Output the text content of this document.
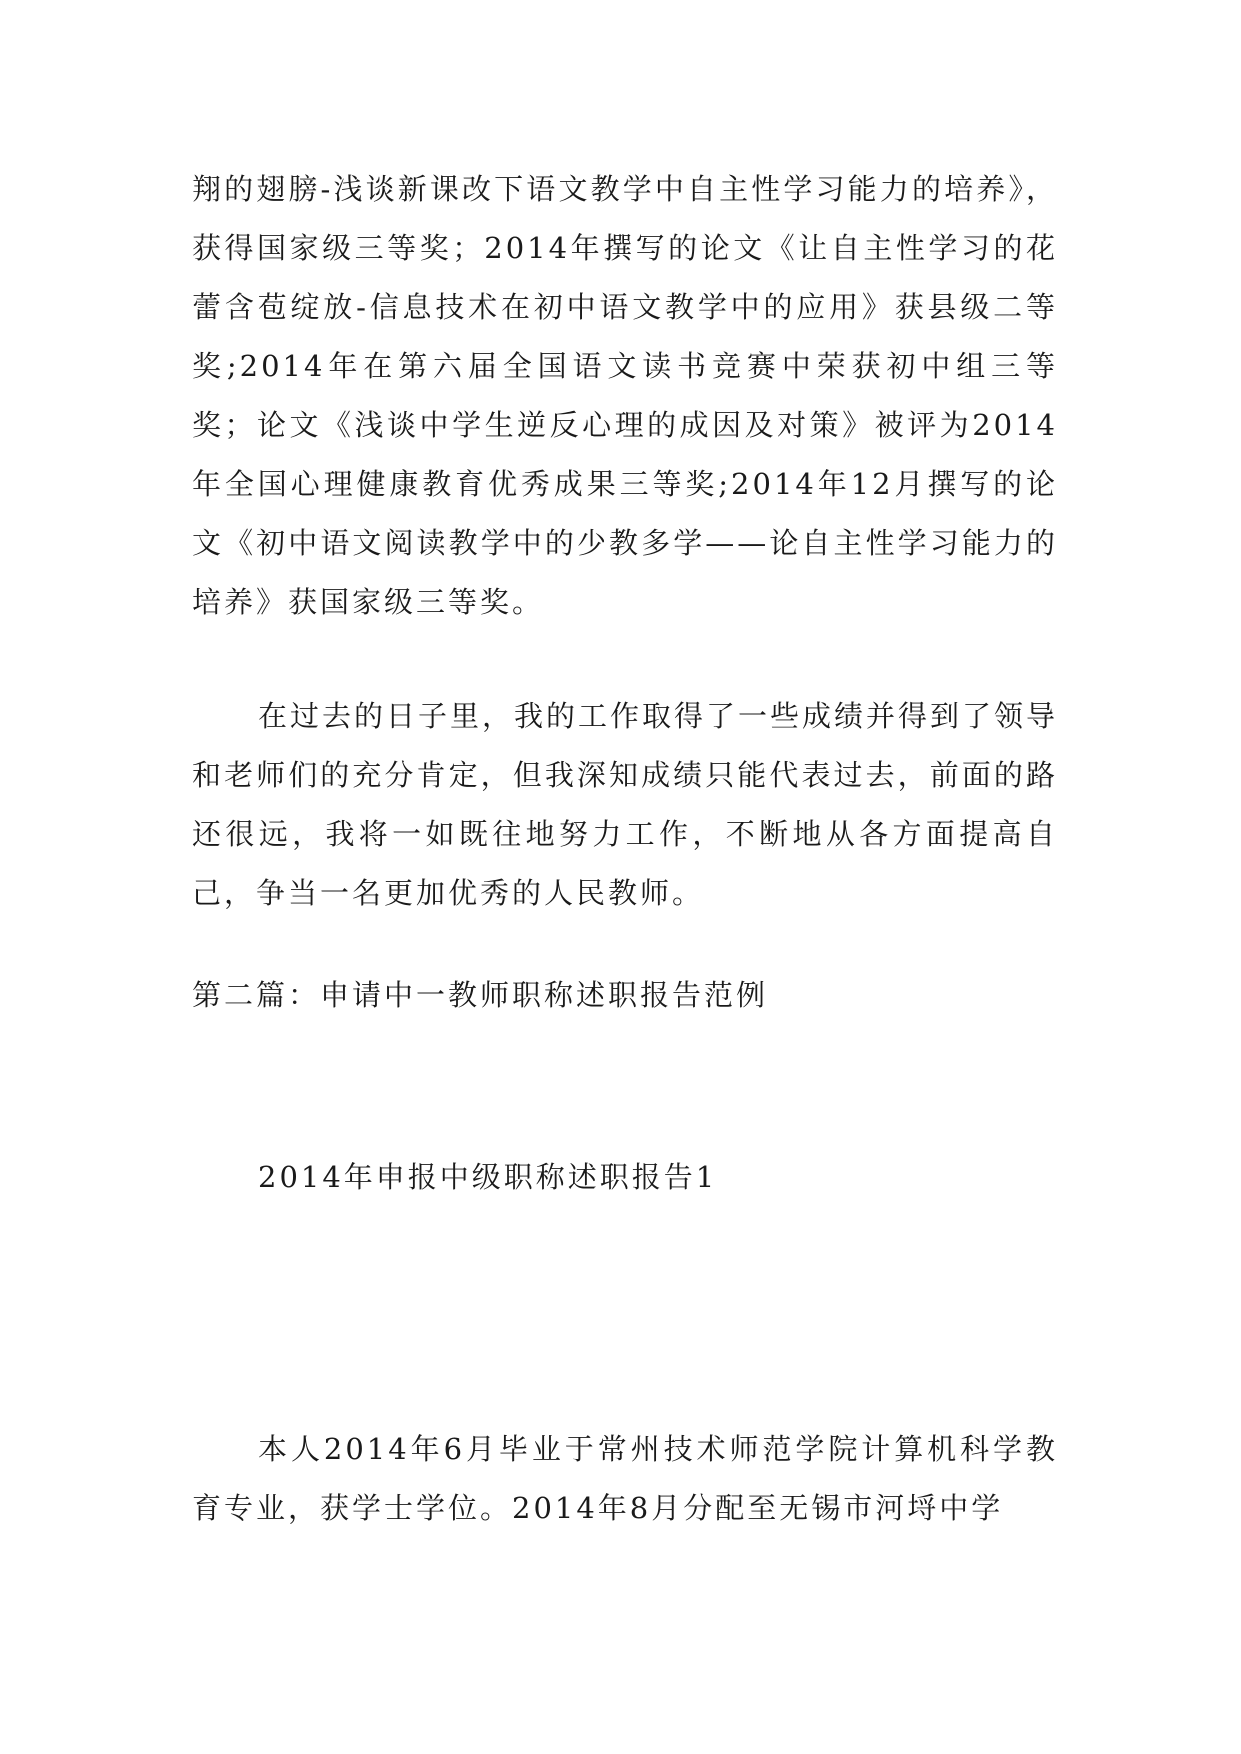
翔的翅膀-浅谈新课改下语文教学中自主性学习能力的培养》，获得国家级三等奖；2014年撰写的论文《让自主性学习的花蕾含苞绽放-信息技术在初中语文教学中的应用》获县级二等奖;2014年在第六届全国语文读书竞赛中荣获初中组三等奖；论文《浅谈中学生逆反心理的成因及对策》被评为2014年全国心理健康教育优秀成果三等奖;2014年12月撰写的论文《初中语文阅读教学中的少教多学——论自主性学习能力的培养》获国家级三等奖。
在过去的日子里，我的工作取得了一些成绩并得到了领导和老师们的充分肯定，但我深知成绩只能代表过去，前面的路还很远，我将一如既往地努力工作，不断地从各方面提高自己，争当一名更加优秀的人民教师。
第二篇：申请中一教师职称述职报告范例
2014年申报中级职称述职报告1
本人2014年6月毕业于常州技术师范学院计算机科学教育专业，获学士学位。2014年8月分配至无锡市河埒中学
